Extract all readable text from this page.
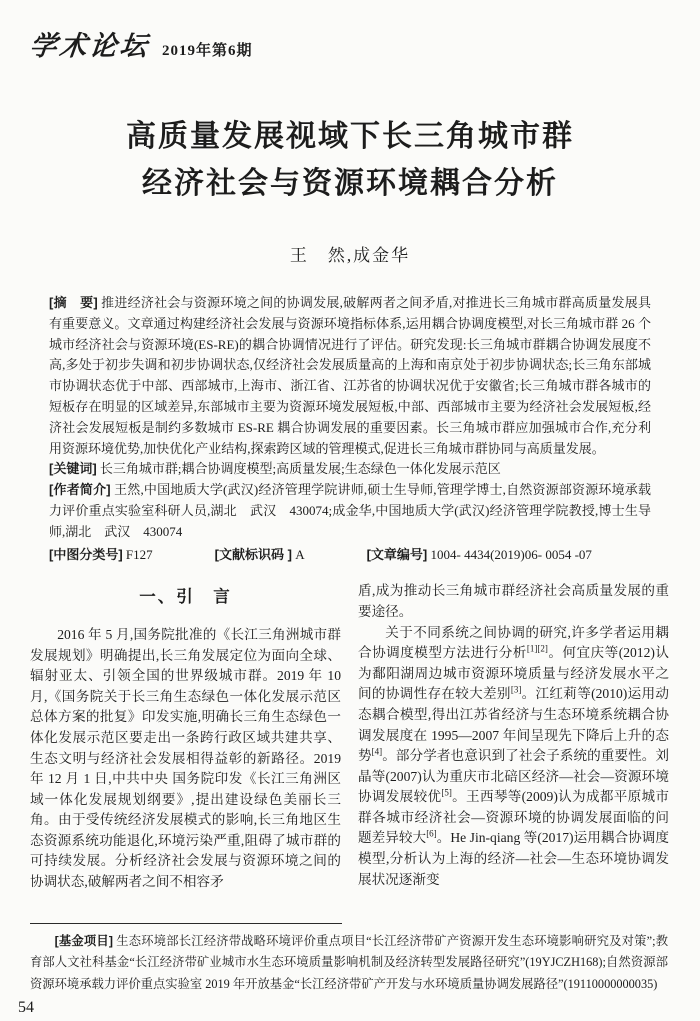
学术论坛 2019年第6期
高质量发展视域下长三角城市群
经济社会与资源环境耦合分析
王　然,成金华

[摘　要] 推进经济社会与资源环境之间的协调发展,破解两者之间矛盾,对推进长三角城市群高质量发展具有重要意义。文章通过构建经济社会发展与资源环境指标体系,运用耦合协调度模型,对长三角城市群 26 个城市经济社会与资源环境(ES-RE)的耦合协调情况进行了评估。研究发现:长三角城市群耦合协调发展度不高,多处于初步失调和初步协调状态,仅经济社会发展质量高的上海和南京处于初步协调状态;长三角东部城市协调状态优于中部、西部城市,上海市、浙江省、江苏省的协调状况优于安徽省;长三角城市群各城市的短板存在明显的区域差异,东部城市主要为资源环境发展短板,中部、西部城市主要为经济社会发展短板,经济社会发展短板是制约多数城市 ES-RE 耦合协调发展的重要因素。长三角城市群应加强城市合作,充分利用资源环境优势,加快优化产业结构,探索跨区域的管理模式,促进长三角城市群协同与高质量发展。

[关键词] 长三角城市群;耦合协调度模型;高质量发展;生态绿色一体化发展示范区

[作者简介] 王然,中国地质大学(武汉)经济管理学院讲师,硕士生导师,管理学博士,自然资源部资源环境承载力评价重点实验室科研人员,湖北　武汉　430074;成金华,中国地质大学(武汉)经济管理学院教授,博士生导师,湖北　武汉　430074

[中图分类号] F127	[文献标识码 ] A	[文章编号] 1004- 4434(2019)06- 0054 -07
一、引　言

2016 年 5 月,国务院批准的《长江三角洲城市群发展规划》明确提出,长三角发展定位为面向全球、辐射亚太、引领全国的世界级城市群。2019 年 10 月,《国务院关于长三角生态绿色一体化发展示范区总体方案的批复》印发实施,明确长三角生态绿色一体化发展示范区要走出一条跨行政区域共建共享、生态文明与经济社会发展相得益彰的新路径。2019 年 12 月 1 日,中共中央 国务院印发《长江三角洲区域一体化发展规划纲要》,提出建设绿色美丽长三角。由于受传统经济发展模式的影响,长三角地区生态资源系统功能退化,环境污染严重,阻碍了城市群的可持续发展。分析经济社会发展与资源环境之间的协调状态,破解两者之间不相容矛

盾,成为推动长三角城市群经济社会高质量发展的重要途径。

关于不同系统之间协调的研究,许多学者运用耦合协调度模型方法进行分析[1][2]。何宜庆等(2012)认为鄱阳湖周边城市资源环境质量与经济发展水平之间的协调性存在较大差别[3]。江红莉等(2010)运用动态耦合模型,得出江苏省经济与生态环境系统耦合协调发展度在 1995—2007 年间呈现先下降后上升的态势[4]。部分学者也意识到了社会子系统的重要性。刘晶等(2007)认为重庆市北碚区经济—社会—资源环境协调发展较优[5]。王西琴等(2009)认为成都平原城市群各城市经济社会—资源环境的协调发展面临的问题差异较大[6]。He Jin-qiang 等(2017)运用耦合协调度模型,分析认为上海的经济—社会—生态环境协调发展状况逐渐变

[基金项目] 生态环境部长江经济带战略环境评价重点项目“长江经济带矿产资源开发生态环境影响研究及对策”;教育部人文社科基金“长江经济带矿业城市水生态环境质量影响机制及经济转型发展路径研究”(19YJCZH168);自然资源部资源环境承载力评价重点实验室 2019 年开放基金“长江经济带矿产开发与水环境质量协调发展路径”(19110000000035)

54
